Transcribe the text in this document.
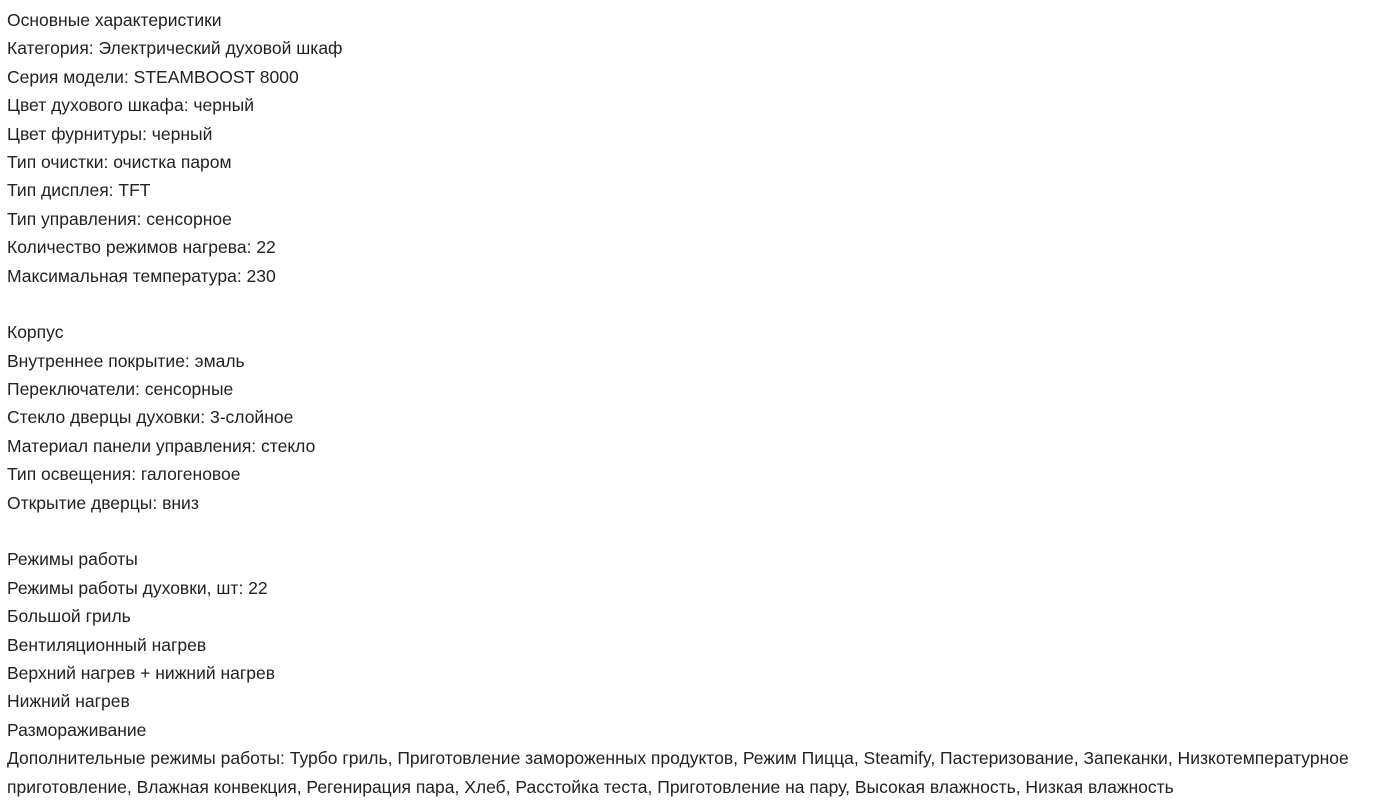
Основные характеристики
Категория: Электрический духовой шкаф
Серия модели: STEAMBOOST 8000
Цвет духового шкафа: черный
Цвет фурнитуры: черный
Тип очистки: очистка паром
Тип дисплея: TFT
Тип управления: сенсорное
Количество режимов нагрева: 22
Максимальная температура: 230
Корпус
Внутреннее покрытие: эмаль
Переключатели: сенсорные
Стекло дверцы духовки: 3-слойное
Материал панели управления: стекло
Тип освещения: галогеновое
Открытие дверцы: вниз
Режимы работы
Режимы работы духовки, шт: 22
Большой гриль
Вентиляционный нагрев
Верхний нагрев + нижний нагрев
Нижний нагрев
Размораживание
Дополнительные режимы работы: Турбо гриль, Приготовление замороженных продуктов, Режим Пицца, Steamify, Пастеризование, Запеканки, Низкотемпературное приготовление, Влажная конвекция, Регенирация пара, Хлеб, Расстойка теста, Приготовление на пару, Высокая влажность, Низкая влажность
